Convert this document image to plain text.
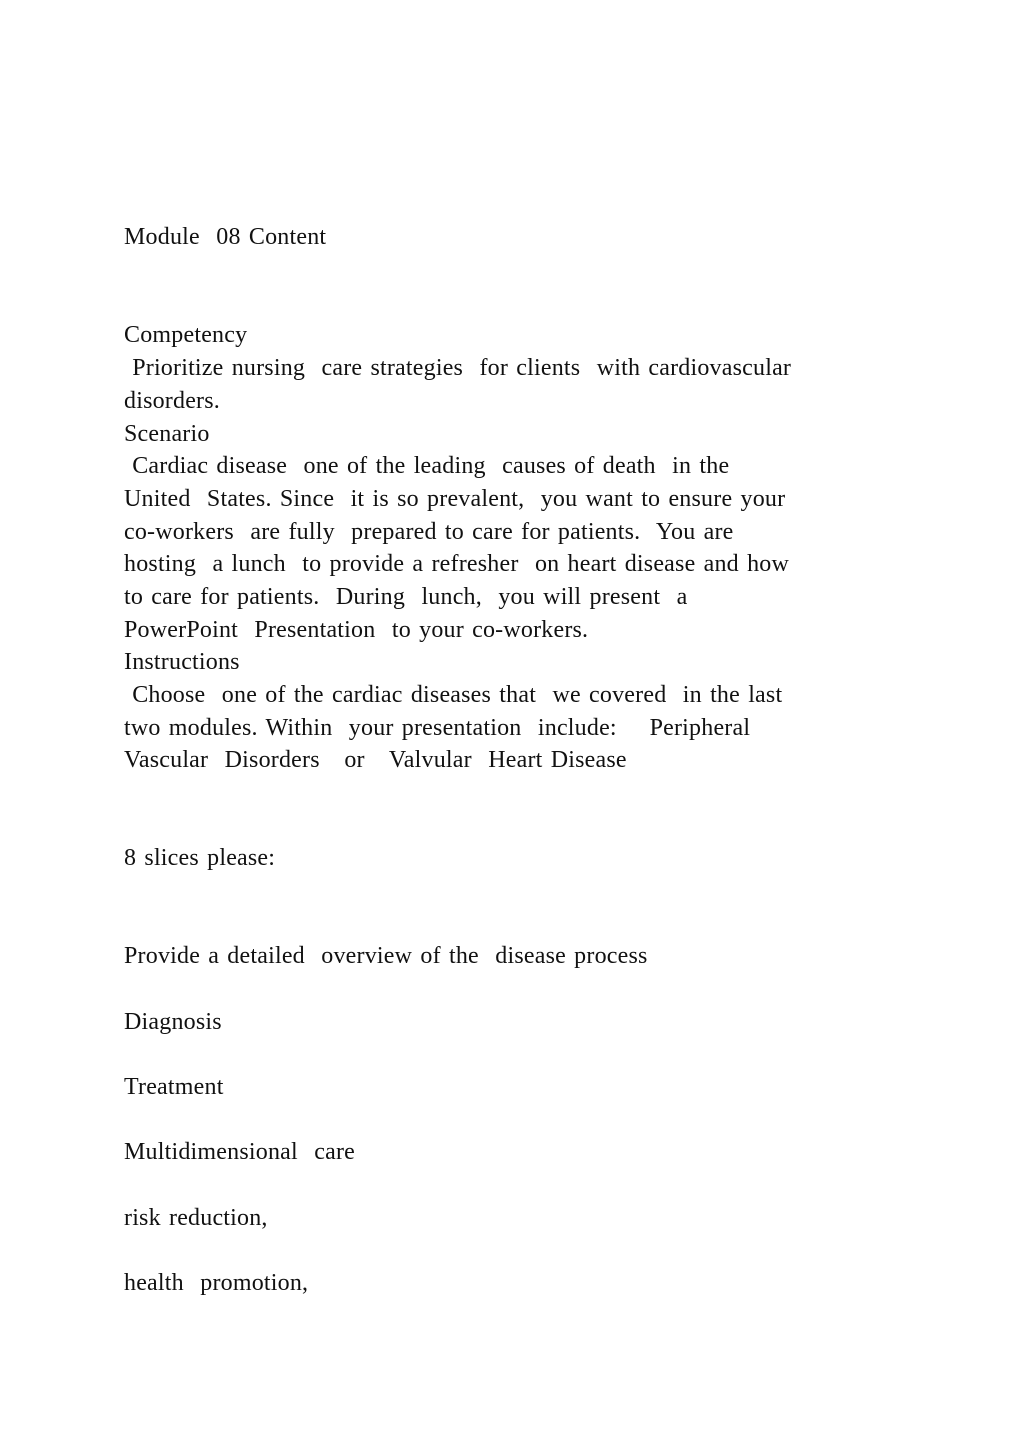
Module  08 Content
Competency
Prioritize nursing  care strategies  for clients  with cardiovascular
disorders.
Scenario
Cardiac disease  one of the leading  causes of death  in the
United  States. Since  it is so prevalent,  you want to ensure your
co-workers  are fully  prepared to care for patients.  You are
hosting  a lunch  to provide a refresher  on heart disease and how
to care for patients.  During  lunch,  you will present  a
PowerPoint  Presentation  to your co-workers.
Instructions
Choose  one of the cardiac diseases that  we covered  in the last
two modules. Within  your presentation  include:    Peripheral
Vascular  Disorders   or   Valvular  Heart Disease
8 slices please:
Provide a detailed  overview of the  disease process
Diagnosis
Treatment
Multidimensional  care
risk reduction,
health  promotion,
